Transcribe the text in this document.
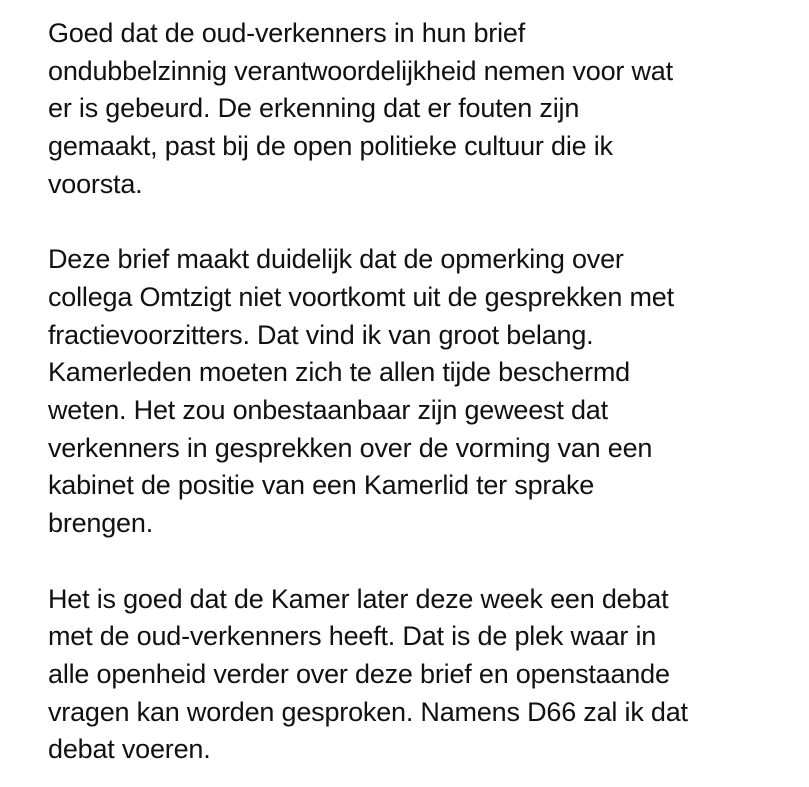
Goed dat de oud-verkenners in hun brief
ondubbelzinnig verantwoordelijkheid nemen voor wat
er is gebeurd. De erkenning dat er fouten zijn
gemaakt, past bij de open politieke cultuur die ik
voorsta.

Deze brief maakt duidelijk dat de opmerking over
collega Omtzigt niet voortkomt uit de gesprekken met
fractievoorzitters. Dat vind ik van groot belang.
Kamerleden moeten zich te allen tijde beschermd
weten. Het zou onbestaanbaar zijn geweest dat
verkenners in gesprekken over de vorming van een
kabinet de positie van een Kamerlid ter sprake
brengen.

Het is goed dat de Kamer later deze week een debat
met de oud-verkenners heeft. Dat is de plek waar in
alle openheid verder over deze brief en openstaande
vragen kan worden gesproken. Namens D66 zal ik dat
debat voeren.
